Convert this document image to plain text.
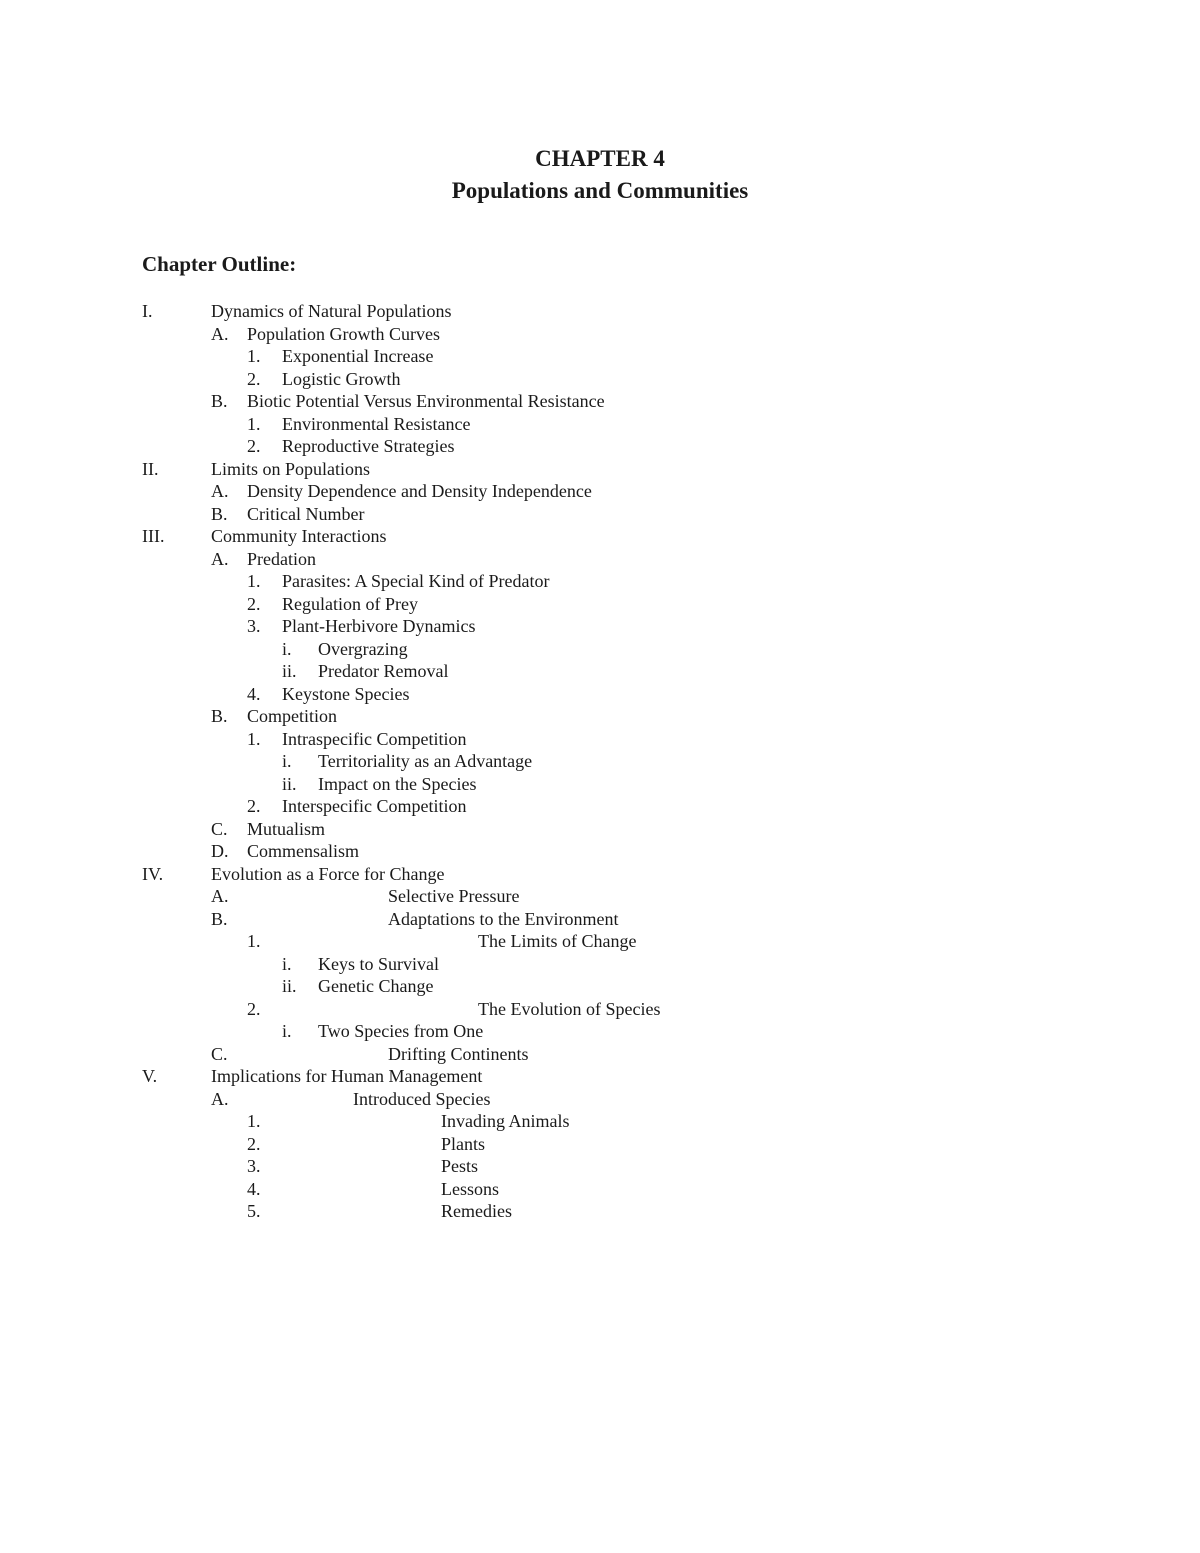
CHAPTER 4
Populations and Communities
Chapter Outline:
I.	Dynamics of Natural Populations
A. Population Growth Curves
1. Exponential Increase
2. Logistic Growth
B. Biotic Potential Versus Environmental Resistance
1. Environmental Resistance
2. Reproductive Strategies
II.	Limits on Populations
A. Density Dependence and Density Independence
B. Critical Number
III.	Community Interactions
A. Predation
1. Parasites: A Special Kind of Predator
2. Regulation of Prey
3. Plant-Herbivore Dynamics
i. Overgrazing
ii. Predator Removal
4. Keystone Species
B. Competition
1. Intraspecific Competition
i. Territoriality as an Advantage
ii. Impact on the Species
2. Interspecific Competition
C. Mutualism
D. Commensalism
IV.	Evolution as a Force for Change
A.	Selective Pressure
B.	Adaptations to the Environment
1.	The Limits of Change
i. Keys to Survival
ii. Genetic Change
2.	The Evolution of Species
i. Two Species from One
C.	Drifting Continents
V.	Implications for Human Management
A.	Introduced Species
1.	Invading Animals
2.	Plants
3.	Pests
4.	Lessons
5.	Remedies
